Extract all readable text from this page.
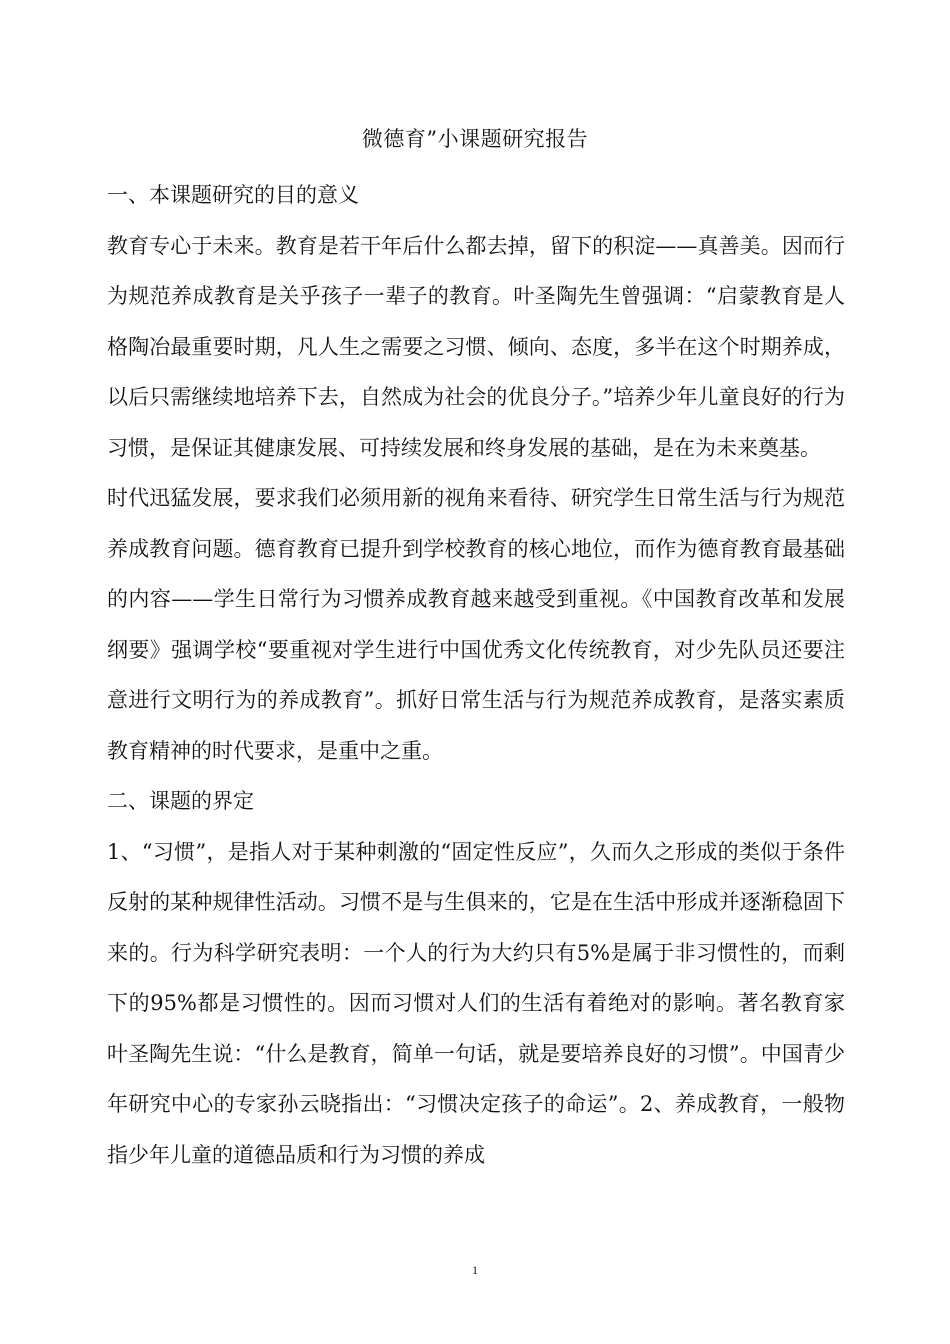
微德育”小课题研究报告
一、本课题研究的目的意义

教育专心于未来。教育是若干年后什么都去掉，留下的积淀——真善美。因而行为规范养成教育是关乎孩子一辈子的教育。叶圣陶先生曾强调：“启蒙教育是人格陶冶最重要时期，凡人生之需要之习惯、倾向、态度，多半在这个时期养成，以后只需继续地培养下去，自然成为社会的优良分子。”培养少年儿童良好的行为习惯，是保证其健康发展、可持续发展和终身发展的基础，是在为未来奠基。

时代迅猛发展，要求我们必须用新的视角来看待、研究学生日常生活与行为规范养成教育问题。德育教育已提升到学校教育的核心地位，而作为德育教育最基础的内容——学生日常行为习惯养成教育越来越受到重视。《中国教育改革和发展纲要》强调学校“要重视对学生进行中国优秀文化传统教育，对少先队员还要注意进行文明行为的养成教育”。抓好日常生活与行为规范养成教育，是落实素质教育精神的时代要求，是重中之重。

二、课题的界定

1、“习惯”，是指人对于某种刺激的“固定性反应”，久而久之形成的类似于条件反射的某种规律性活动。习惯不是与生俱来的，它是在生活中形成并逐渐稳固下来的。行为科学研究表明：一个人的行为大约只有5%是属于非习惯性的，而剩下的95%都是习惯性的。因而习惯对人们的生活有着绝对的影响。著名教育家叶圣陶先生说：“什么是教育，简单一句话，就是要培养良好的习惯”。中国青少年研究中心的专家孙云晓指出：“习惯决定孩子的命运”。2、养成教育，一般物指少年儿童的道德品质和行为习惯的养成

1
